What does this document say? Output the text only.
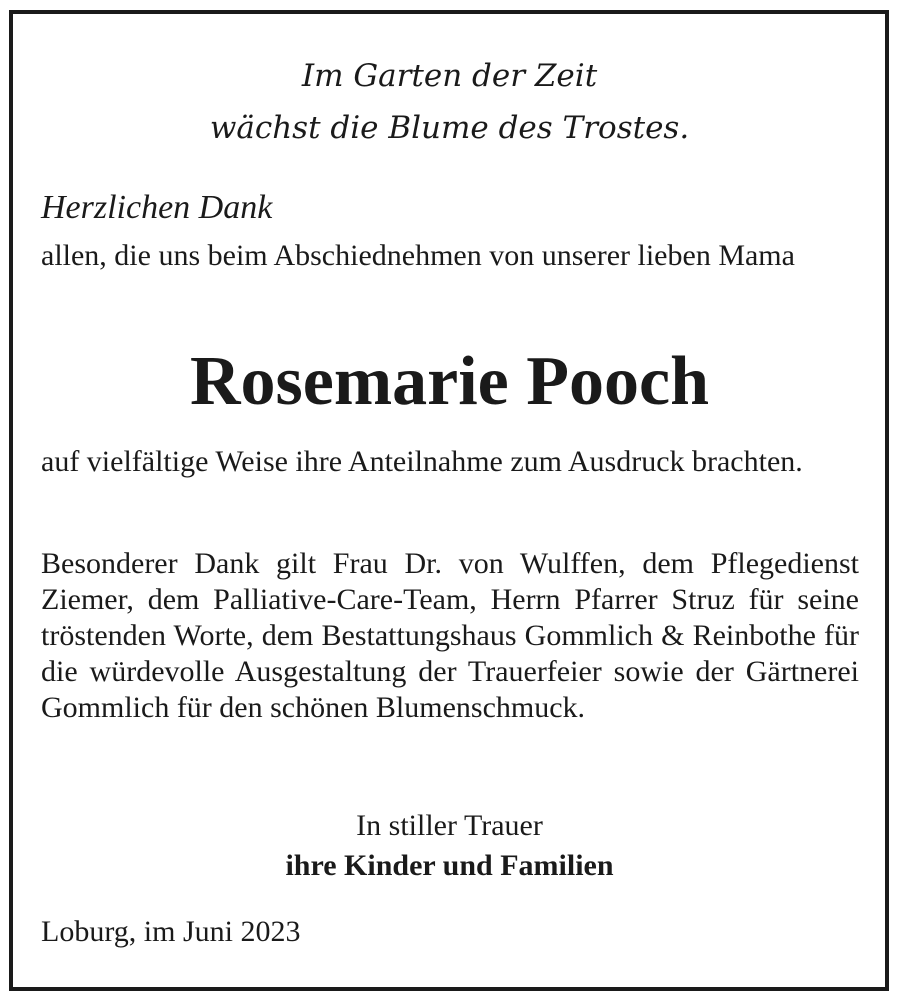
Im Garten der Zeit
wächst die Blume des Trostes.
Herzlichen Dank
allen, die uns beim Abschiednehmen von unserer lieben Mama
Rosemarie Pooch
auf vielfältige Weise ihre Anteilnahme zum Ausdruck brachten.
Besonderer Dank gilt Frau Dr. von Wulffen, dem Pflegedienst Ziemer, dem Palliative-Care-Team, Herrn Pfarrer Struz für seine tröstenden Worte, dem Bestattungshaus Gommlich & Reinbothe für die würdevolle Ausgestaltung der Trauerfeier sowie der Gärtnerei Gommlich für den schönen Blumenschmuck.
In stiller Trauer
ihre Kinder und Familien
Loburg, im Juni 2023
